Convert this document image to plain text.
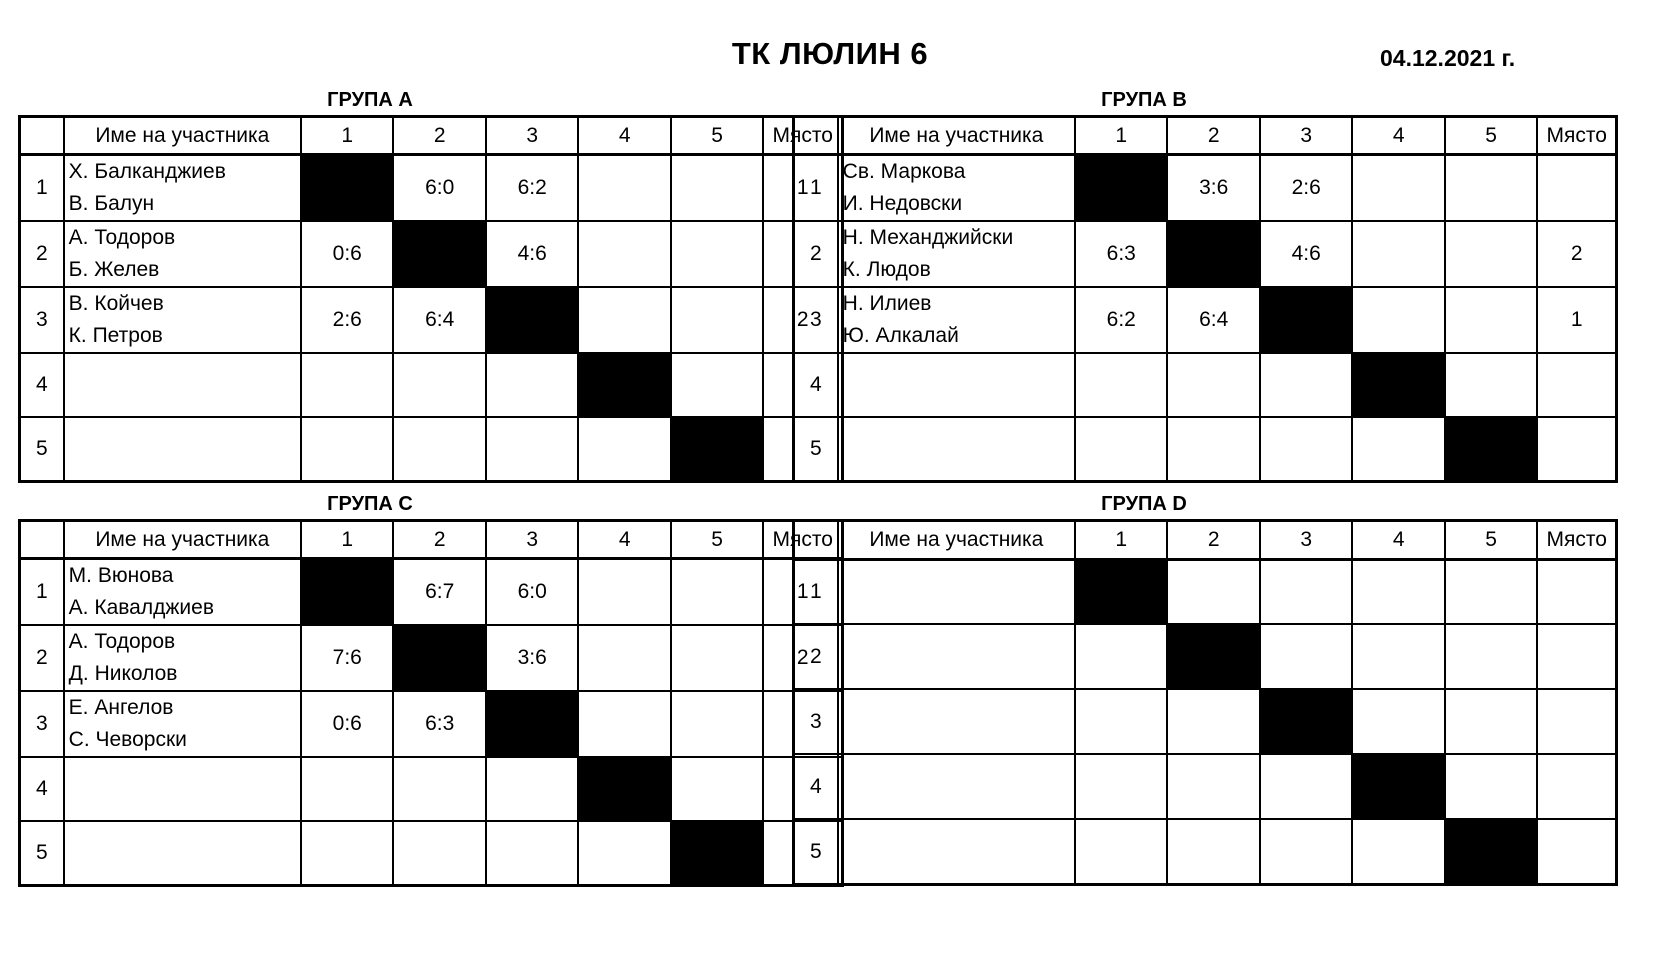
ТК ЛЮЛИН 6	04.12.2021 г.
ГРУПА А
	Име на участника	1	2	3	4	5	Място
1	Х. Балканджиев
В. Балун		6:0	6:2			1
2	А. Тодоров
Б. Желев	0:6		4:6			
3	В. Койчев
К. Петров	2:6	6:4				2
4	

5	

ГРУПА В
	Име на участника	1	2	3	4	5	Място
1	Св. Маркова
И. Недовски		3:6	2:6			
2	Н. Механджийски
К. Людов	6:3		4:6			2
3	Н. Илиев
Ю. Алкалай	6:2	6:4				1
4	

5	

ГРУПА С
	Име на участника	1	2	3	4	5	Място
1	М. Вюнова
А. Кавалджиев		6:7	6:0			1
2	А. Тодоров
Д. Николов	7:6		3:6			2
3	Е. Ангелов
С. Чеворски	0:6	6:3				
4	

5	

ГРУПА D
	Име на участника	1	2	3	4	5	Място
1	

2	

3	

4	

5	
